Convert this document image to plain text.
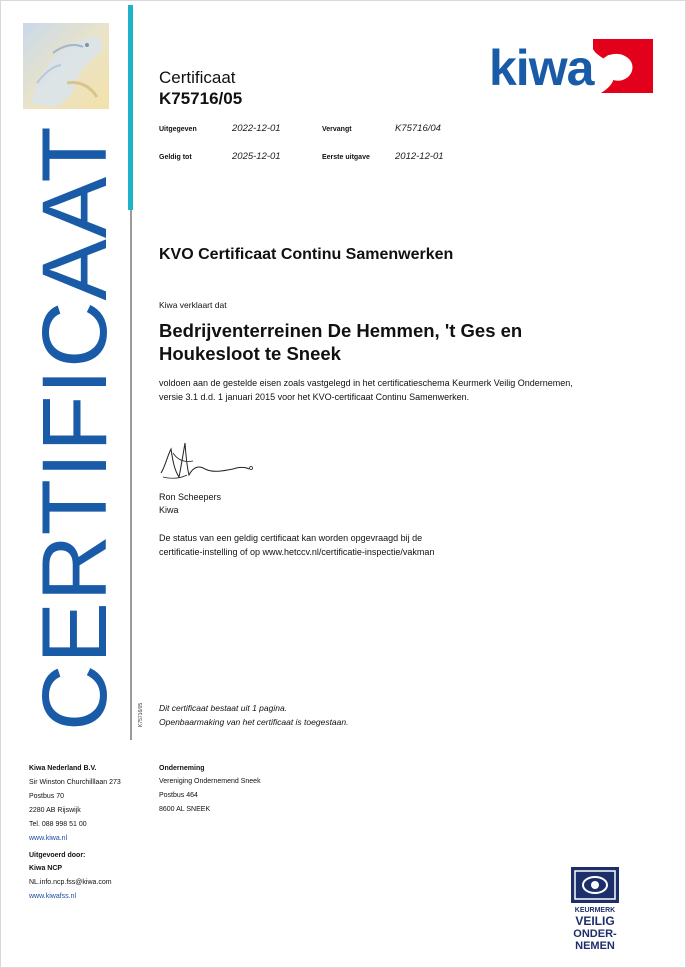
CERTIFICAAT K75716/05
Certificaat
K75716/05
Uitgegeven	2022-12-01	Vervangt	K75716/04
Geldig tot	2025-12-01	Eerste uitgave	2012-12-01
kiwa
KVO Certificaat Continu Samenwerken
Kiwa verklaart dat
Bedrijventerreinen De Hemmen, 't Ges en
Houkesloot te Sneek
voldoen aan de gestelde eisen zoals vastgelegd in het certificatieschema Keurmerk Veilig Ondernemen,
versie 3.1 d.d. 1 januari 2015 voor het KVO-certificaat Continu Samenwerken.
Ron Scheepers
Kiwa
De status van een geldig certificaat kan worden opgevraagd bij de
certificatie-instelling of op www.hetccv.nl/certificatie-inspectie/vakman
Dit certificaat bestaat uit 1 pagina.
Openbaarmaking van het certificaat is toegestaan.
Kiwa Nederland B.V.
Sir Winston Churchilllaan 273
Postbus 70
2280 AB Rijswijk
Tel. 088 998 51 00
www.kiwa.nl
Uitgevoerd door:
Kiwa NCP
NL.info.ncp.fss@kiwa.com
www.kiwafss.nl
Onderneming
Vereniging Ondernemend Sneek
Postbus 464
8600 AL SNEEK
KEURMERK
VEILIG
ONDER-
NEMEN
